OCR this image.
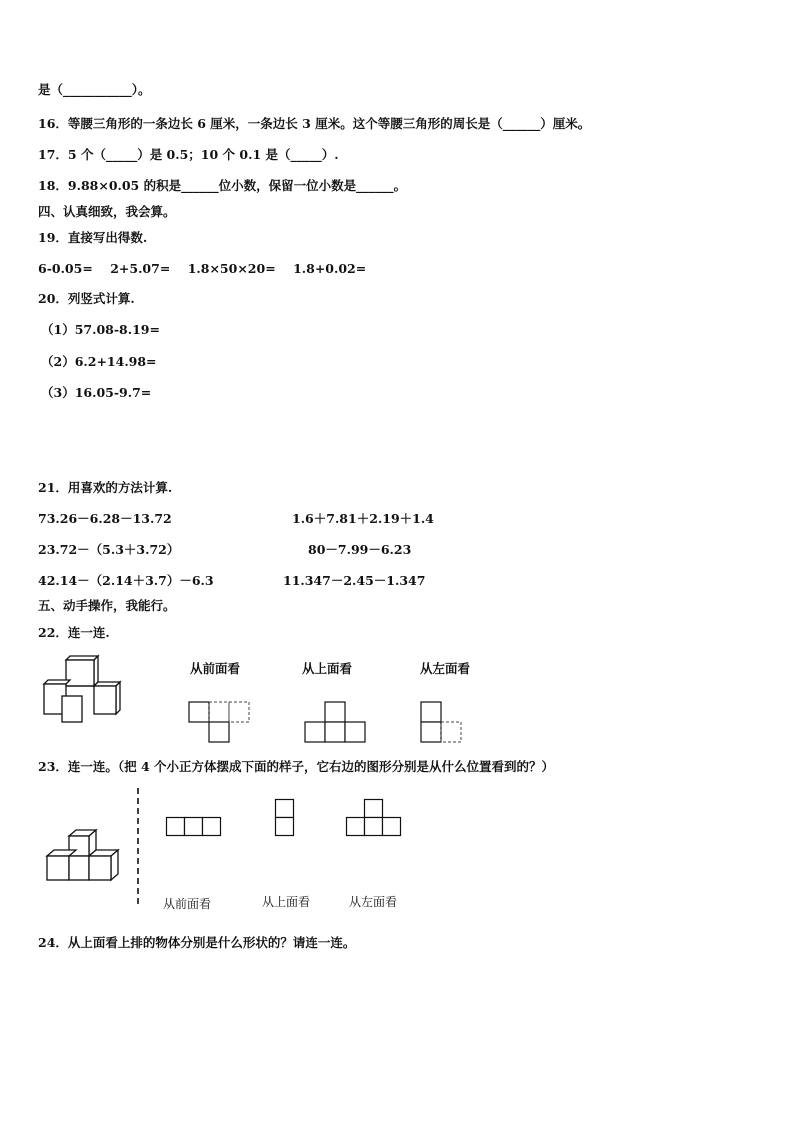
是（___________）。
16．等腰三角形的一条边长 6 厘米，一条边长 3 厘米。这个等腰三角形的周长是（______）厘米。
17．5 个（_____）是 0.5；10 个 0.1 是（_____）.
18．9.88×0.05 的积是______位小数，保留一位小数是______。
四、认真细致，我会算。
19．直接写出得数.
6-0.05=    2+5.07=    1.8×50×20=    1.8+0.02=
20．列竖式计算.
（1）57.08-8.19=
（2）6.2+14.98=
（3）16.05-9.7=
21．用喜欢的方法计算.
73.26－6.28－13.72	1.6＋7.81＋2.19＋1.4
23.72－（5.3＋3.72）	80－7.99－6.23
42.14－（2.14＋3.7）－6.3	11.347－2.45－1.347
五、动手操作，我能行。
22．连一连.
从前面看	从上面看	从左面看
23．连一连。（把 4 个小正方体摆成下面的样子，它右边的图形分别是从什么位置看到的？）
从前面看	从上面看	从左面看
24．从上面看上排的物体分别是什么形状的？请连一连。
